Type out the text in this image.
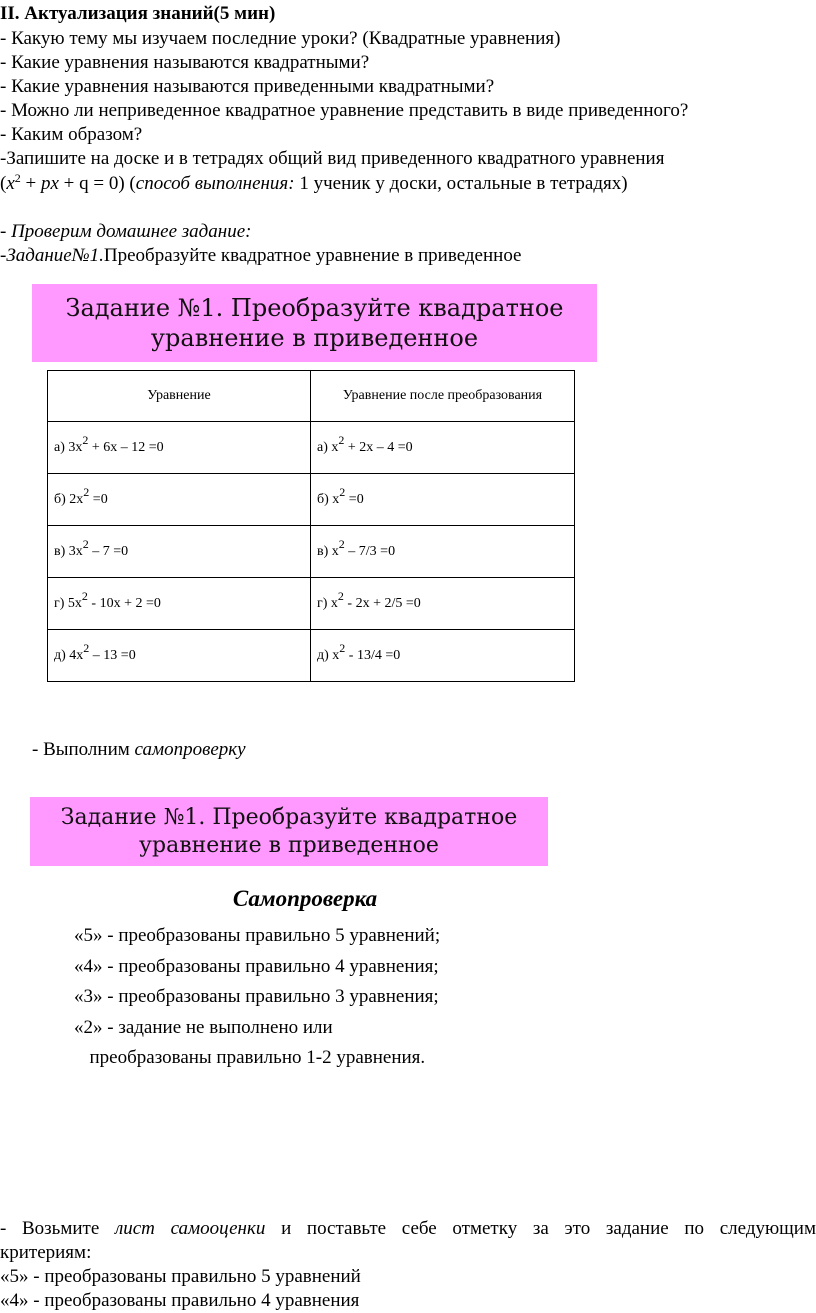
II. Актуализация знаний(5 мин)
- Какую тему мы изучаем последние уроки? (Квадратные уравнения)
- Какие уравнения называются квадратными?
- Какие уравнения называются приведенными квадратными?
- Можно ли неприведенное квадратное уравнение представить в виде приведенного?
- Каким образом?
-Запишите на доске и в тетрадях общий вид приведенного квадратного уравнения
($x^2$ + px + q = 0) (способ выполнения: 1 ученик у доски, остальные в тетрадях)
- Проверим домашнее задание:
-Задание№1.Преобразуйте квадратное уравнение в приведенное
Задание №1. Преобразуйте квадратное
уравнение в приведенное
Уравнение	Уравнение после преобразования
а) $3х^2 + 6х - 12 =0$	а) $х^2 + 2х - 4 =0$
б) $2х^2 =0$	б) $х^2 =0$
в) $3х^2 - 7 =0$	в) $х^2 - 7/3 =0$
г) $5х^2 - 10х + 2 =0$	г) $х^2 - 2х + 2/5 =0$
д) $4х^2 - 13 =0$	д) $х^2 - 13/4 =0$
- Выполним самопроверку
Задание №1. Преобразуйте квадратное
уравнение в приведенное
Самопроверка
«5» - преобразованы правильно 5 уравнений;
«4» - преобразованы правильно 4 уравнения;
«3» - преобразованы правильно 3 уравнения;
«2» - задание не выполнено или
преобразованы правильно 1-2 уравнения.
- Возьмите лист самооценки и поставьте себе отметку за это задание по следующим
критериям:
«5» - преобразованы правильно 5 уравнений
«4» - преобразованы правильно 4 уравнения
